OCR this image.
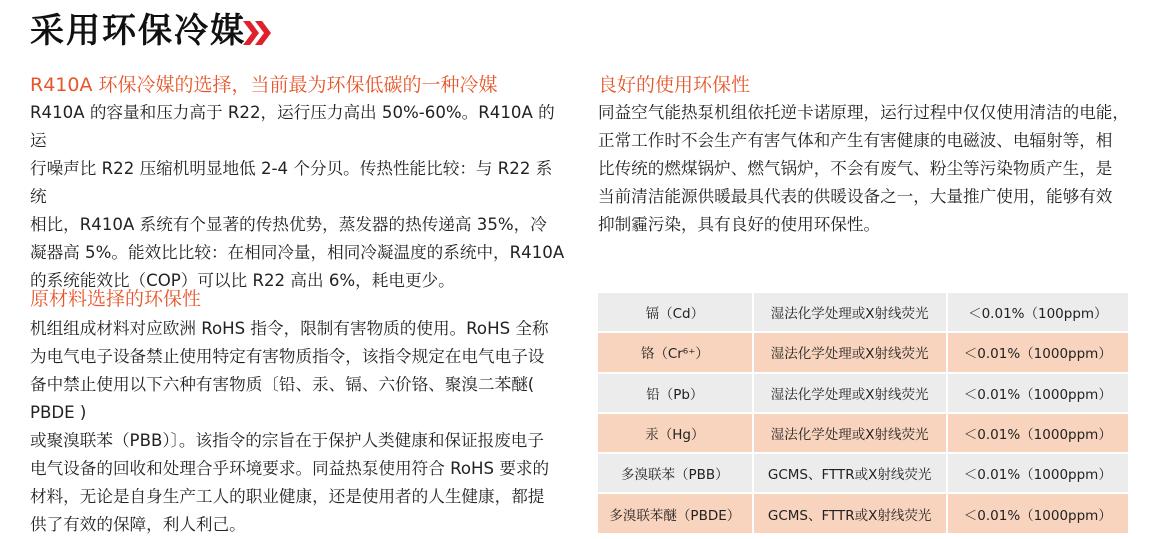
采用环保冷媒
R410A 环保冷媒的选择，当前最为环保低碳的一种冷媒
R410A 的容量和压力高于 R22，运行压力高出 50%-60%。R410A 的运
行噪声比 R22 压缩机明显地低 2-4 个分贝。传热性能比较：与 R22 系统
相比，R410A 系统有个显著的传热优势，蒸发器的热传递高 35%，冷
凝器高 5%。能效比比较：在相同冷量，相同冷凝温度的系统中，R410A
的系统能效比（COP）可以比 R22 高出 6%，耗电更少。
原材料选择的环保性
机组组成材料对应欧洲 RoHS 指令，限制有害物质的使用。RoHS 全称
为电气电子设备禁止使用特定有害物质指令，该指令规定在电气电子设
备中禁止使用以下六种有害物质〔铅、汞、镉、六价铬、聚溴二苯醚( PBDE )
或聚溴联苯（PBB）〕。该指令的宗旨在于保护人类健康和保证报废电子
电气设备的回收和处理合乎环境要求。同益热泵使用符合 RoHS 要求的
材料，无论是自身生产工人的职业健康，还是使用者的人生健康，都提
供了有效的保障，利人利己。
良好的使用环保性
同益空气能热泵机组依托逆卡诺原理，运行过程中仅仅使用清洁的电能，
正常工作时不会生产有害气体和产生有害健康的电磁波、电辐射等，相
比传统的燃煤锅炉、燃气锅炉，不会有废气、粉尘等污染物质产生，是
当前清洁能源供暖最具代表的供暖设备之一，大量推广使用，能够有效
抑制霾污染，具有良好的使用环保性。
镉（Cd）	湿法化学处理或X射线荧光	＜0.01%（100ppm）
铬（Cr⁶⁺）	湿法化学处理或X射线荧光	＜0.01%（1000ppm）
铅（Pb）	湿法化学处理或X射线荧光	＜0.01%（1000ppm）
汞（Hg）	湿法化学处理或X射线荧光	＜0.01%（1000ppm）
多溴联苯（PBB）	GCMS、FTTR或X射线荧光	＜0.01%（1000ppm）
多溴联苯醚（PBDE）	GCMS、FTTR或X射线荧光	＜0.01%（1000ppm）
